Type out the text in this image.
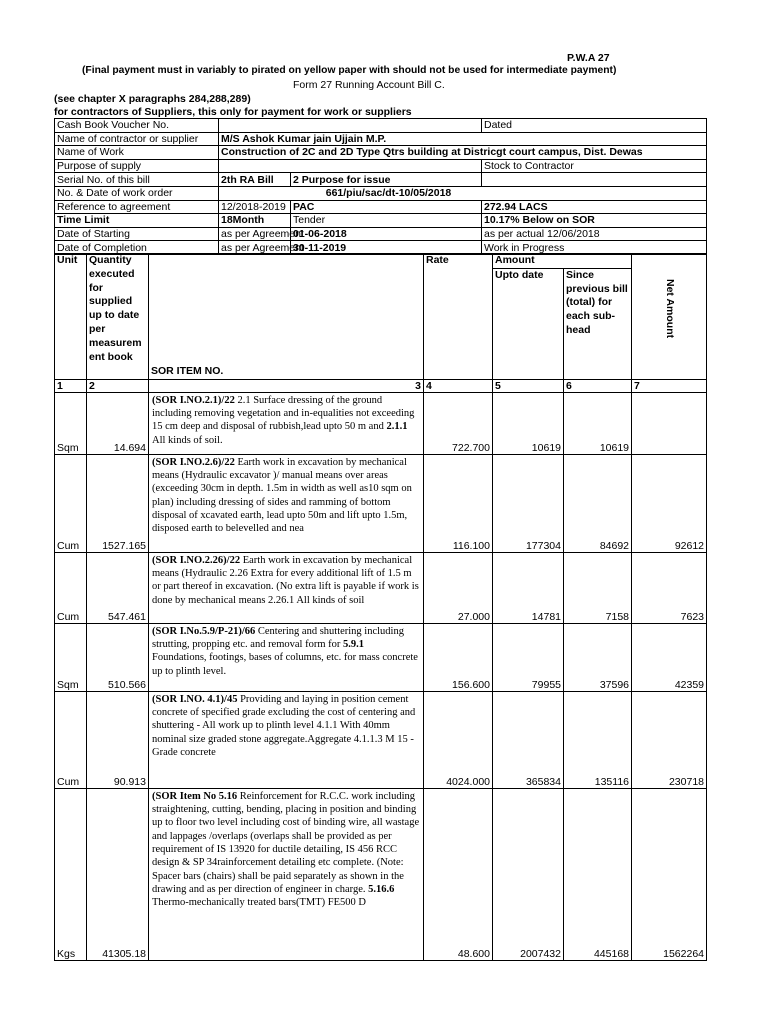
P.W.A 27
(Final payment must in variably to pirated on yellow paper with should not be used for intermediate payment)
Form 27 Running Account Bill C.
(see chapter X paragraphs 284,288,289)
for contractors of Suppliers, this only for payment for work or suppliers
Cash Book Voucher No.			Dated
Name of contractor or supplier	M/S Ashok Kumar jain Ujjain M.P.		
Name of Work	Construction of 2C and 2D Type Qtrs building at Districgt court campus, Dist. Dewas		
Purpose of supply			Stock to Contractor
Serial No. of this bill	2th RA Bill	2 Purpose for issue	
No. & Date of work order	661/piu/sac/dt-10/05/2018		
Reference to agreement	12/2018-2019	PAC	272.94 LACS
Time Limit	18Month	Tender	10.17% Below on SOR
Date of Starting	as per Agreement	01-06-2018	as per actual 12/06/2018
Date of Completion	as per Agreement	30-11-2019	Work in Progress
Unit	Quantity executed for supplied up to date per measurem ent book	SOR ITEM NO.	Rate	Amount		Net Amount

				Upto date	Since previous bill (total) for each sub-head	
1	2	3	4	5	6	7
Sqm	14.694	(SOR I.NO.2.1)/22 2.1 Surface dressing of the ground including removing vegetation and in-equalities not exceeding 15 cm deep and disposal of rubbish,lead upto 50 m and 2.1.1 All kinds of soil.	722.700	10619	10619	
Cum	1527.165	(SOR I.NO.2.6)/22 Earth work in excavation by mechanical means (Hydraulic excavator )/ manual means over areas (exceeding 30cm in depth. 1.5m in width as well as10 sqm on plan) including dressing of sides and ramming of bottom disposal of xcavated earth, lead upto 50m and lift upto 1.5m, disposed earth to belevelled and nea	116.100	177304	84692	92612
Cum	547.461	(SOR I.NO.2.26)/22 Earth work in excavation by mechanical means (Hydraulic 2.26 Extra for every additional lift of 1.5 m or part thereof in excavation. (No extra lift is payable if work is done by mechanical means 2.26.1 All kinds of soil	27.000	14781	7158	7623
Sqm	510.566	(SOR I.No.5.9/P-21)/66 Centering and shuttering including strutting, propping etc. and removal form for 5.9.1 Foundations, footings, bases of columns, etc. for mass concrete up to plinth level.	156.600	79955	37596	42359
Cum	90.913	(SOR I.NO. 4.1)/45 Providing and laying in position cement concrete of specified grade excluding the cost of centering and shuttering - All work up to plinth level 4.1.1 With 40mm nominal size graded stone aggregate.Aggregate 4.1.1.3 M 15 - Grade concrete	4024.000	365834	135116	230718
Kgs	41305.18	(SOR Item No 5.16 Reinforcement for R.C.C. work including straightening, cutting, bending, placing in position and binding up to floor two level including cost of binding wire, all wastage and lappages /overlaps (overlaps shall be provided as per requirement of IS 13920 for ductile detailing, IS 456 RCC design & SP 34rainforcement detailing etc complete. (Note: Spacer bars (chairs) shall be paid separately as shown in the drawing and as per direction of engineer in charge. 5.16.6 Thermo-mechanically treated bars(TMT) FE500 D	48.600	2007432	445168	1562264
